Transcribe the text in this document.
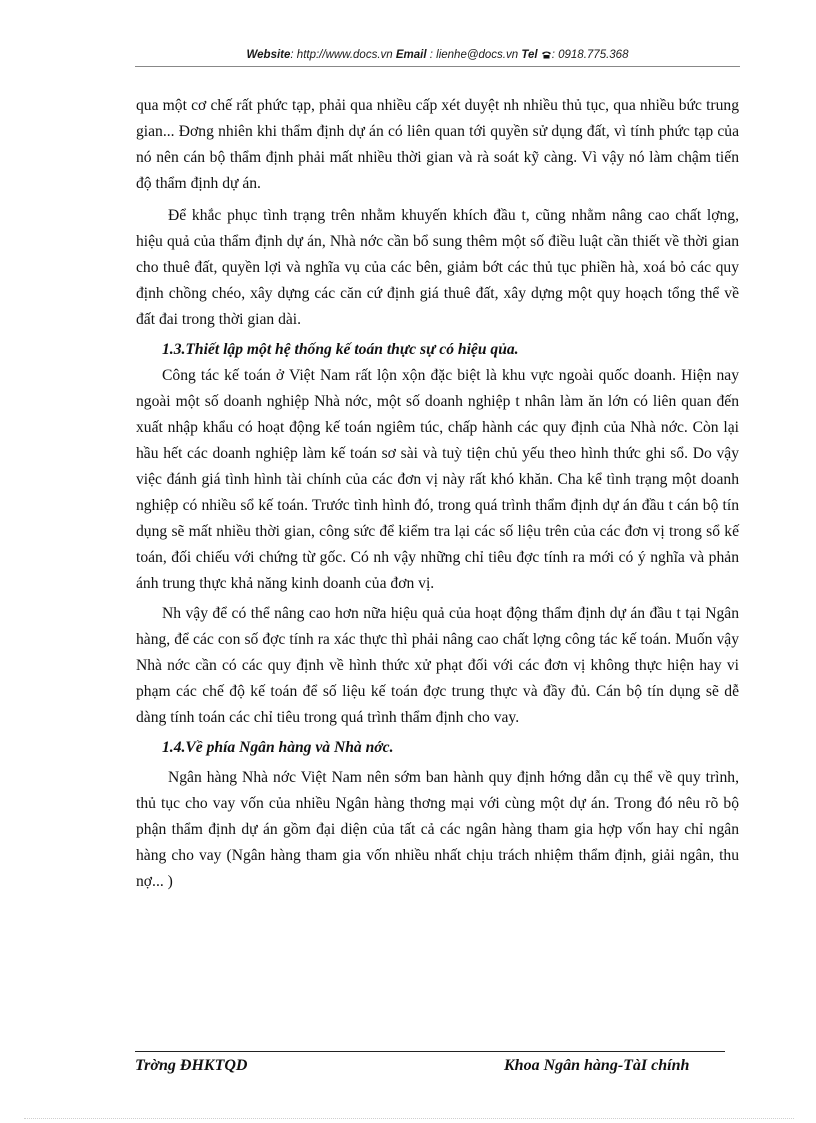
Website: http://www.docs.vn Email : lienhe@docs.vn Tel : 0918.775.368

qua một cơ chế rất phức tạp, phải qua nhiều cấp xét duyệt nh nhiều thủ tục, qua nhiều bức trung gian... Đơng nhiên khi thẩm định dự án có liên quan tới quyền sử dụng đất, vì tính phức tạp của nó nên cán bộ thẩm định phải mất nhiều thời gian và rà soát kỹ càng. Vì vậy nó làm chậm tiến độ thẩm định dự án.

Để khắc phục tình trạng trên nhằm khuyến khích đầu t, cũng nhằm nâng cao chất lợng, hiệu quả của thẩm định dự án, Nhà nớc cần bổ sung thêm một số điều luật cần thiết về thời gian cho thuê đất, quyền lợi và nghĩa vụ của các bên, giảm bớt các thủ tục phiền hà, xoá bỏ các quy định chồng chéo, xây dựng các căn cứ định giá thuê đất, xây dựng một quy hoạch tổng thể về đất đai trong thời gian dài.

1.3.Thiết lập một hệ thống kế toán thực sự có hiệu qủa.

Công tác kế toán ở Việt Nam rất lộn xộn đặc biệt là khu vực ngoài quốc doanh. Hiện nay ngoài một số doanh nghiệp Nhà nớc, một số doanh nghiệp t nhân làm ăn lớn có liên quan đến xuất nhập khẩu có hoạt động kế toán ngiêm túc, chấp hành các quy định của Nhà nớc. Còn lại hầu hết các doanh nghiệp làm kế toán sơ sài và tuỳ tiện chủ yếu theo hình thức ghi sổ. Do vậy việc đánh giá tình hình tài chính của các đơn vị này rất khó khăn. Cha kể tình trạng một doanh nghiệp có nhiều sổ kế toán. Trước tình hình đó, trong quá trình thẩm định dự án đầu t cán bộ tín dụng sẽ mất nhiều thời gian, công sức để kiểm tra lại các số liệu trên của các đơn vị trong sổ kế toán, đối chiếu với chứng từ gốc. Có nh vậy những chỉ tiêu đợc tính ra mới có ý nghĩa và phản ánh trung thực khả năng kinh doanh của đơn vị.

Nh vậy để có thể nâng cao hơn nữa hiệu quả của hoạt động thẩm định dự án đầu t tại Ngân hàng, để các con số đợc tính ra xác thực thì phải nâng cao chất lợng công tác kế toán. Muốn vậy Nhà nớc cần có các quy định về hình thức xử phạt đối với các đơn vị không thực hiện hay vi phạm các chế độ kế toán để số liệu kế toán đợc trung thực và đầy đủ. Cán bộ tín dụng sẽ dễ dàng tính toán các chỉ tiêu trong quá trình thẩm định cho vay.

1.4.Về phía Ngân hàng và Nhà nớc.

Ngân hàng Nhà nớc Việt Nam nên sớm ban hành quy định hớng dẫn cụ thể về quy trình, thủ tục cho vay vốn của nhiều Ngân hàng thơng mại với cùng một dự án. Trong đó nêu rõ bộ phận thẩm định dự án gồm đại diện của tất cả các ngân hàng tham gia hợp vốn hay chỉ ngân hàng cho vay (Ngân hàng tham gia vốn nhiều nhất chịu trách nhiệm thẩm định, giải ngân, thu nợ... )

Trờng ĐHKTQD	Khoa Ngân hàng-TàI chính
